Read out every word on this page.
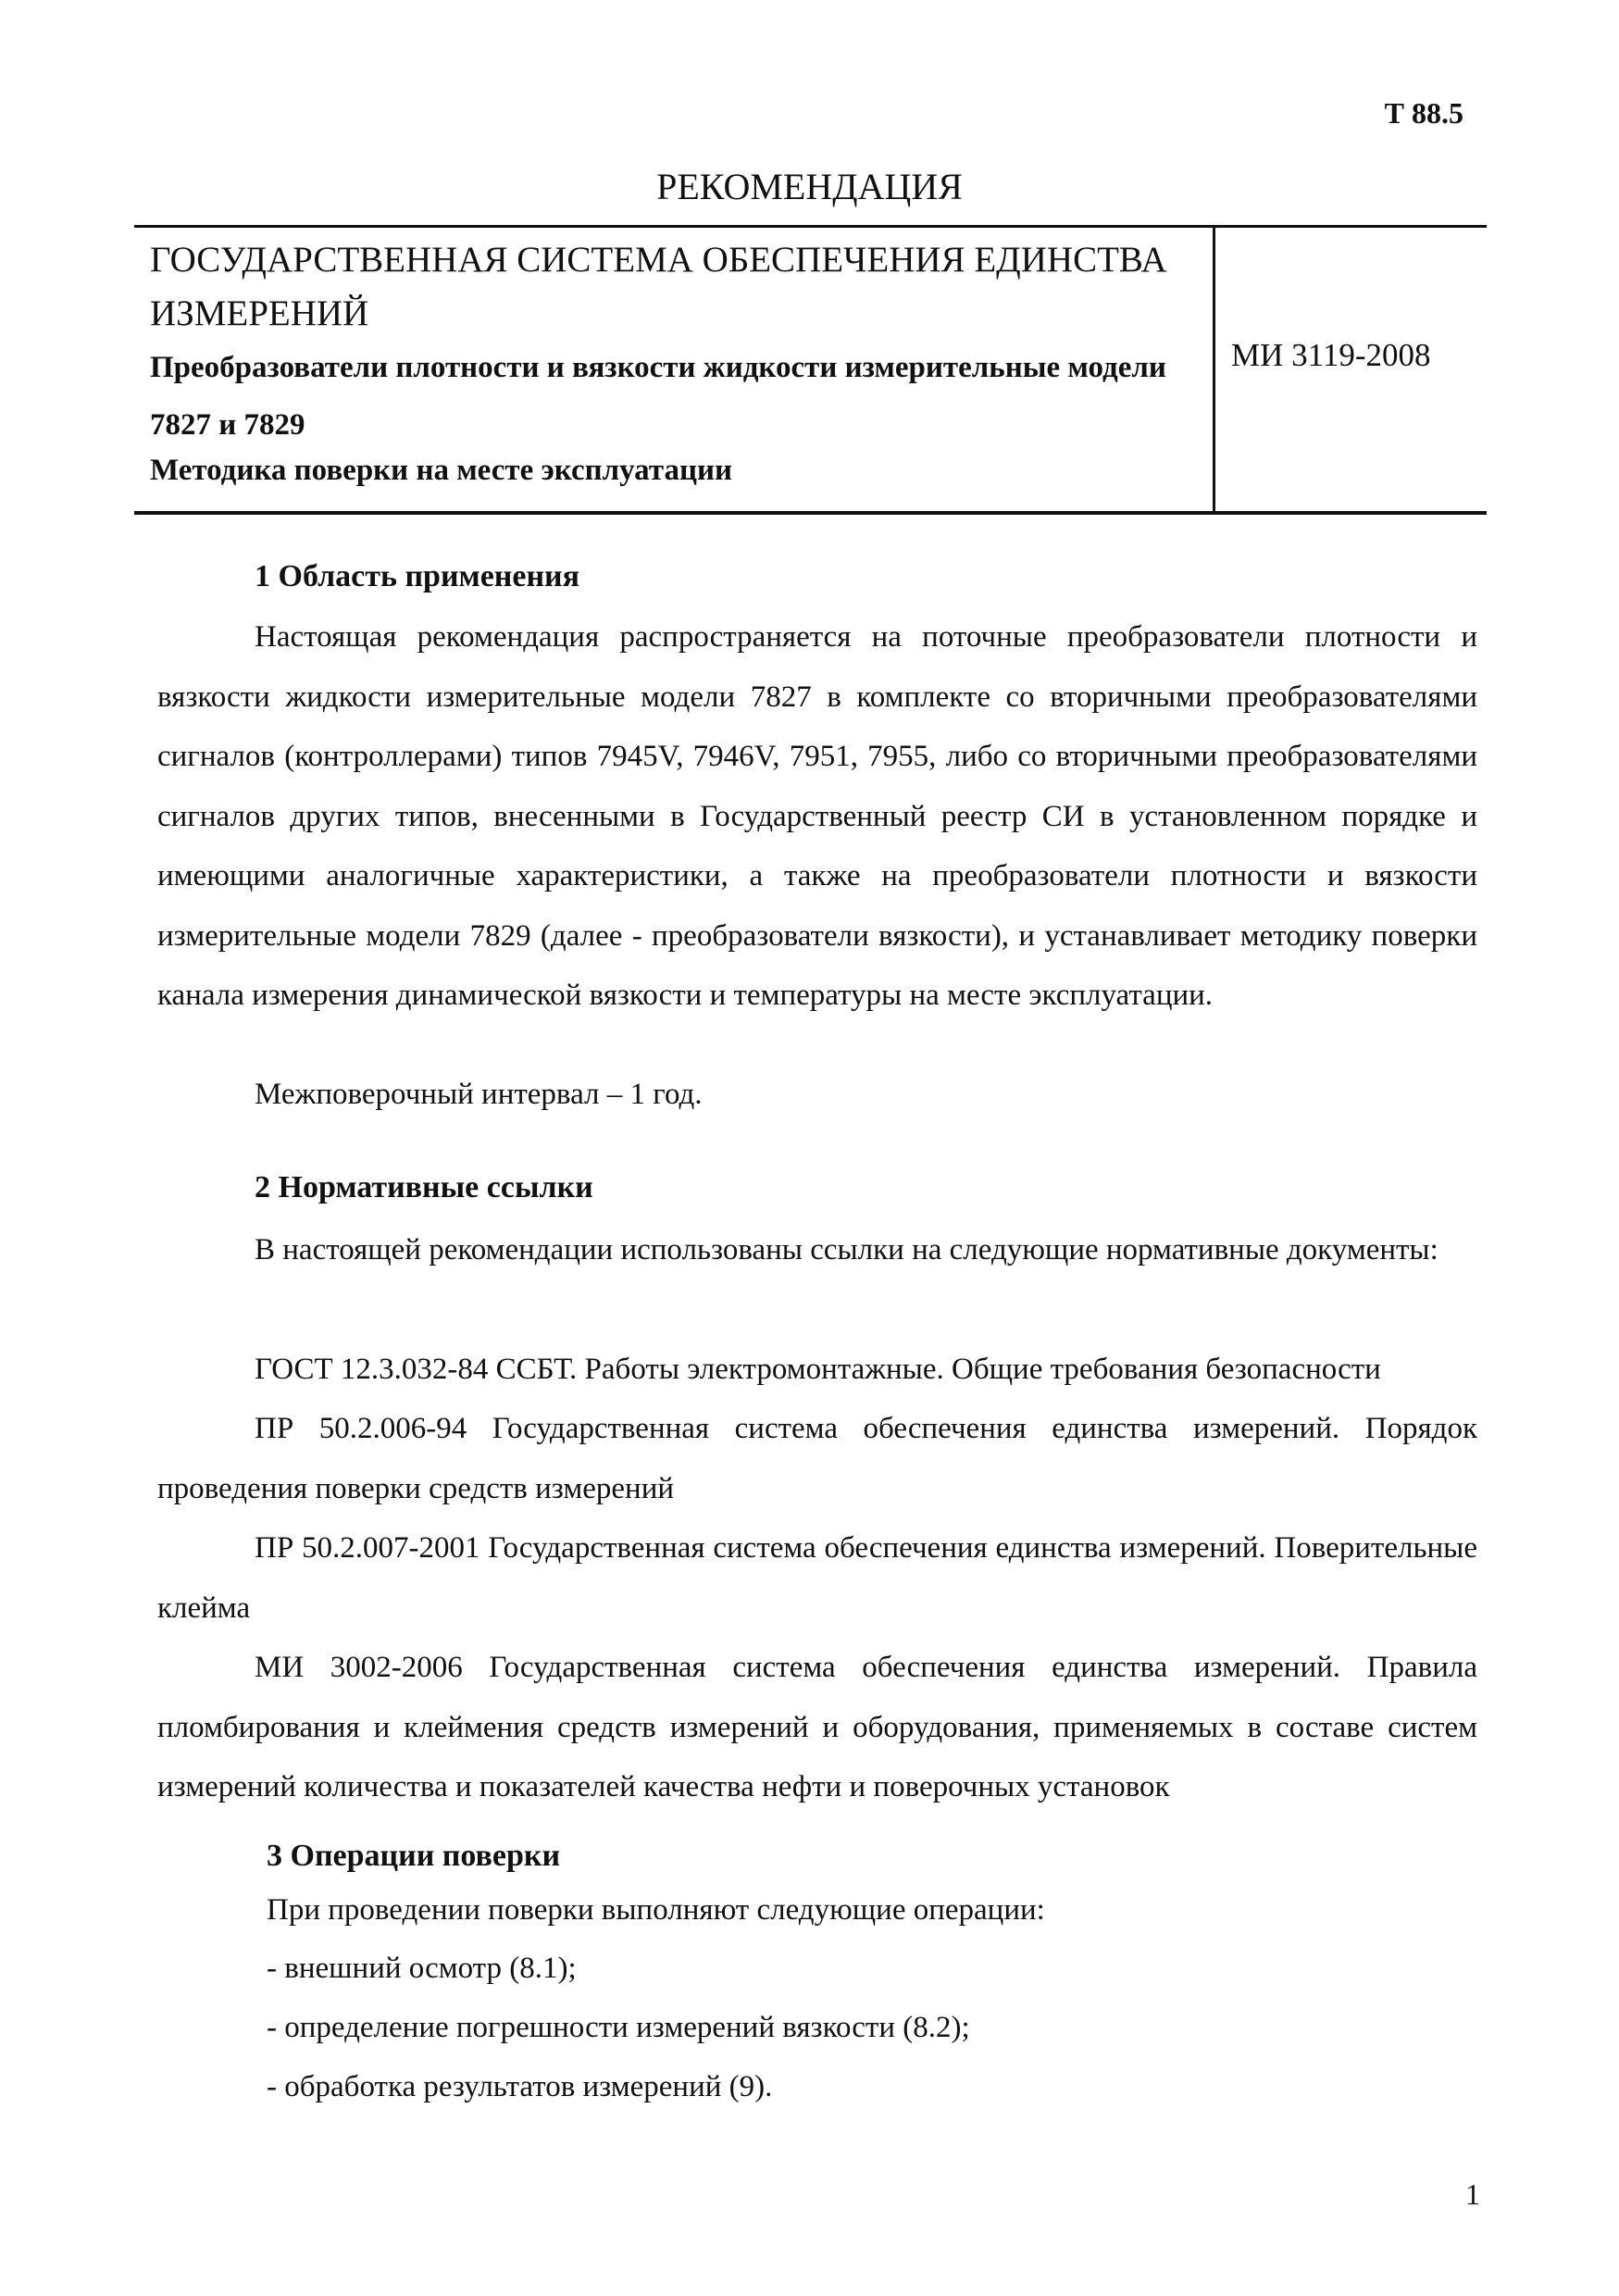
Т 88.5
РЕКОМЕНДАЦИЯ
ГОСУДАРСТВЕННАЯ СИСТЕМА ОБЕСПЕЧЕНИЯ ЕДИНСТВА ИЗМЕРЕНИЙ
Преобразователи плотности и вязкости жидкости измерительные модели 7827 и 7829
Методика поверки на месте эксплуатации
МИ 3119-2008
1 Область применения

Настоящая рекомендация распространяется на поточные преобразователи плотности и вязкости жидкости измерительные модели 7827 в комплекте со вторичными преобразователями сигналов (контроллерами) типов 7945V, 7946V, 7951, 7955, либо со вторичными преобразователями сигналов других типов, внесенными в Государственный реестр СИ в установленном порядке и имеющими аналогичные характеристики, а также на преобразователи плотности и вязкости измерительные модели 7829 (далее - преобразователи вязкости), и устанавливает методику поверки канала измерения динамической вязкости и температуры на месте эксплуатации.

Межповерочный интервал – 1 год.

2 Нормативные ссылки

В настоящей рекомендации использованы ссылки на следующие нормативные документы:

ГОСТ 12.3.032-84 ССБТ. Работы электромонтажные. Общие требования безопасности

ПР 50.2.006-94 Государственная система обеспечения единства измерений. Порядок проведения поверки средств измерений

ПР 50.2.007-2001 Государственная система обеспечения единства измерений. Поверительные клейма

МИ 3002-2006 Государственная система обеспечения единства измерений. Правила пломбирования и клеймения средств измерений и оборудования, применяемых в составе систем измерений количества и показателей качества нефти и поверочных установок

3 Операции поверки

При проведении поверки выполняют следующие операции:

- внешний осмотр (8.1);

- определение погрешности измерений вязкости (8.2);

- обработка результатов измерений (9).

1
